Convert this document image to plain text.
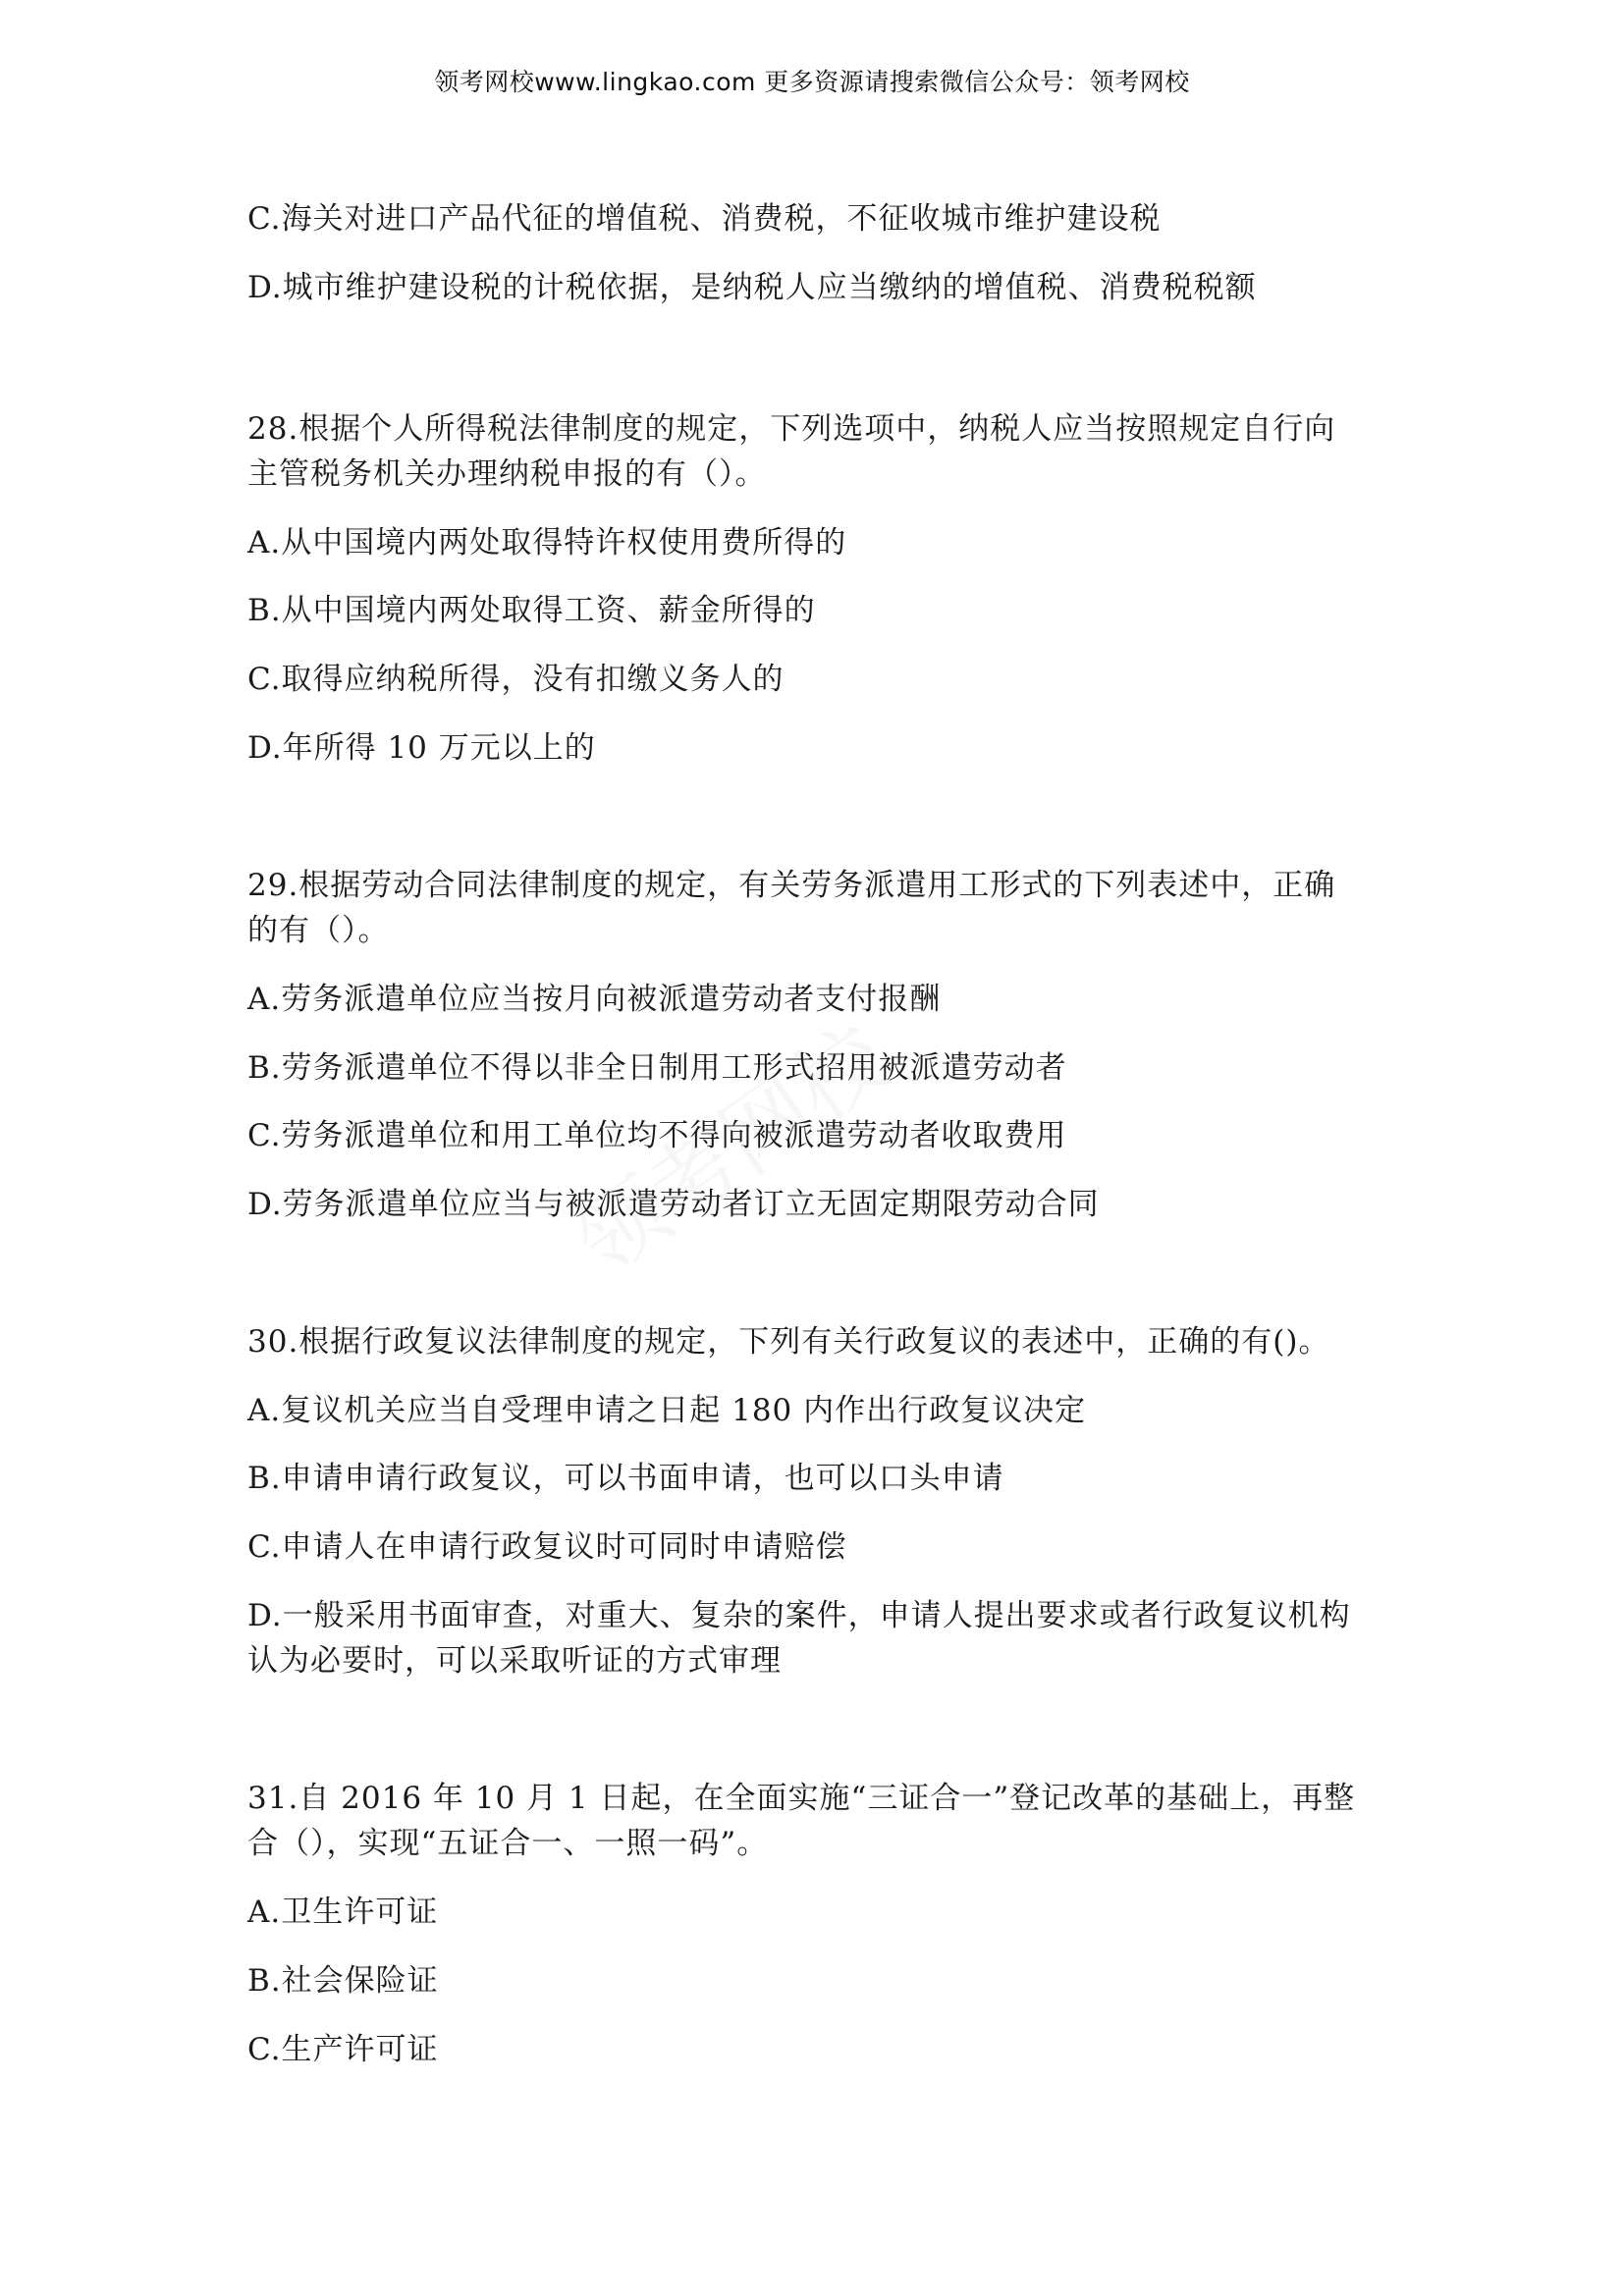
领考网校www.lingkao.com 更多资源请搜索微信公众号：领考网校
C.海关对进口产品代征的增值税、消费税，不征收城市维护建设税
D.城市维护建设税的计税依据，是纳税人应当缴纳的增值税、消费税税额
28.根据个人所得税法律制度的规定，下列选项中，纳税人应当按照规定自行向
主管税务机关办理纳税申报的有（）。
A.从中国境内两处取得特许权使用费所得的
B.从中国境内两处取得工资、薪金所得的
C.取得应纳税所得，没有扣缴义务人的
D.年所得 10 万元以上的
29.根据劳动合同法律制度的规定，有关劳务派遣用工形式的下列表述中，正确
的有（）。
A.劳务派遣单位应当按月向被派遣劳动者支付报酬
B.劳务派遣单位不得以非全日制用工形式招用被派遣劳动者
C.劳务派遣单位和用工单位均不得向被派遣劳动者收取费用
D.劳务派遣单位应当与被派遣劳动者订立无固定期限劳动合同
30.根据行政复议法律制度的规定，下列有关行政复议的表述中，正确的有()。
A.复议机关应当自受理申请之日起 180 内作出行政复议决定
B.申请申请行政复议，可以书面申请，也可以口头申请
C.申请人在申请行政复议时可同时申请赔偿
D.一般采用书面审查，对重大、复杂的案件，申请人提出要求或者行政复议机构
认为必要时，可以采取听证的方式审理
31.自 2016 年 10 月 1 日起，在全面实施“三证合一”登记改革的基础上，再整
合（），实现“五证合一、一照一码”。
A.卫生许可证
B.社会保险证
C.生产许可证
